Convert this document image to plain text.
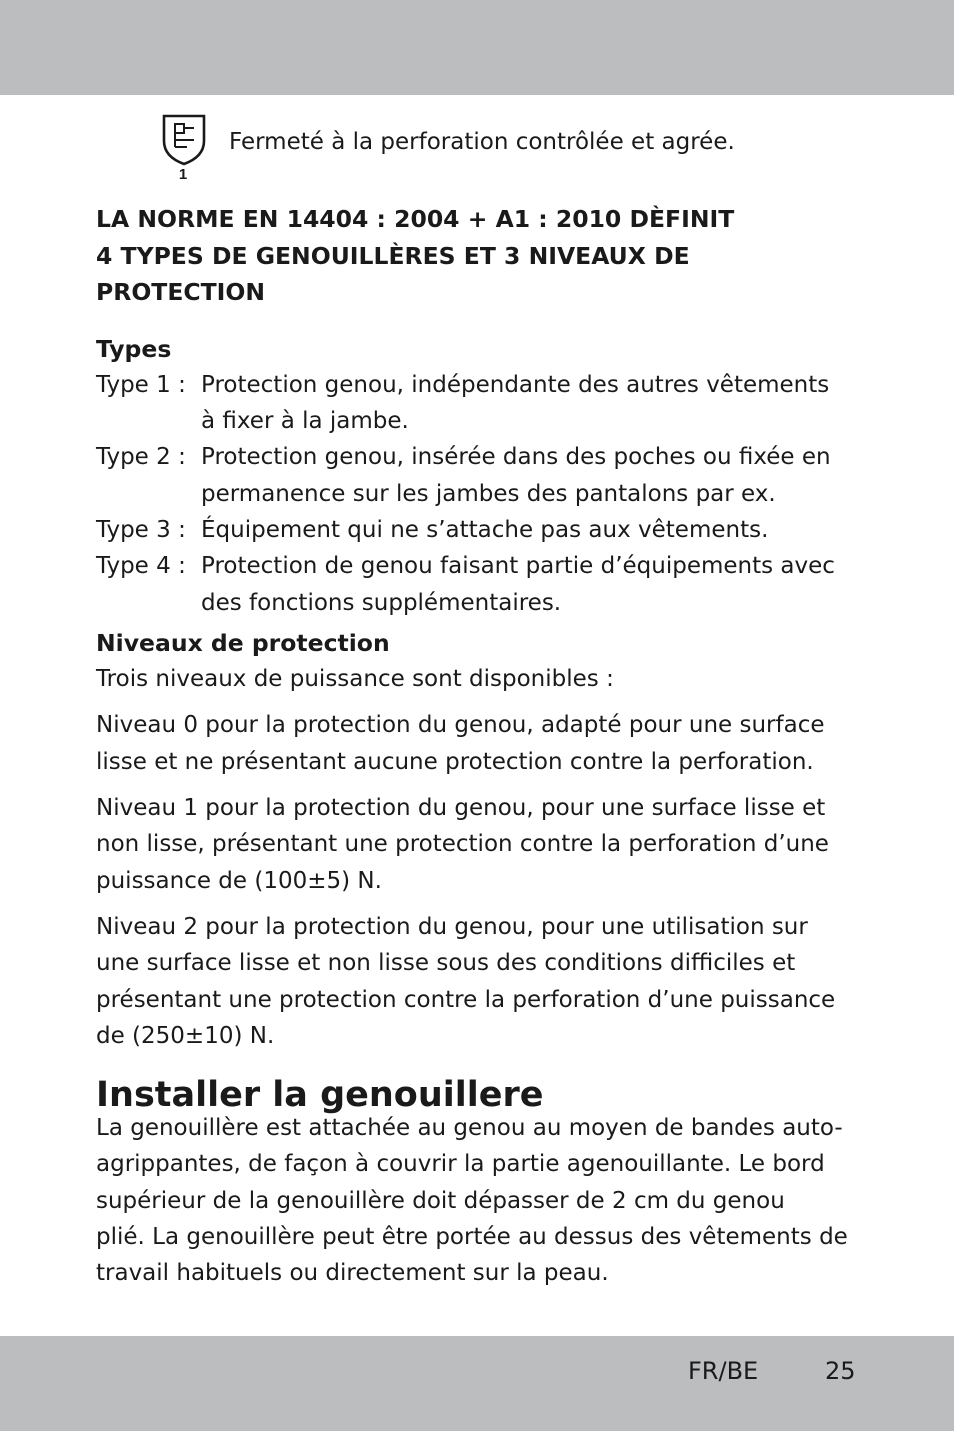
1
Fermeté à la perforation contrôlée et agrée.
LA NORME EN 14404 : 2004 + A1 : 2010 DÈFINIT
4 TYPES DE GENOUILLÈRES ET 3 NIVEAUX DE
PROTECTION
Types
Type 1 : Protection genou, indépendante des autres vêtements
à fixer à la jambe.
Type 2 : Protection genou, insérée dans des poches ou fixée en
permanence sur les jambes des pantalons par ex.
Type 3 : Équipement qui ne s’attache pas aux vêtements.
Type 4 : Protection de genou faisant partie d’équipements avec
des fonctions supplémentaires.
Niveaux de protection
Trois niveaux de puissance sont disponibles :
Niveau 0 pour la protection du genou, adapté pour une surface
lisse et ne présentant aucune protection contre la perforation.
Niveau 1 pour la protection du genou, pour une surface lisse et
non lisse, présentant une protection contre la perforation d’une
puissance de (100±5) N.
Niveau 2 pour la protection du genou, pour une utilisation sur
une surface lisse et non lisse sous des conditions difficiles et
présentant une protection contre la perforation d’une puissance
de (250±10) N.
Installer la genouillere
La genouillère est attachée au genou au moyen de bandes auto-
agrippantes, de façon à couvrir la partie agenouillante. Le bord
supérieur de la genouillère doit dépasser de 2 cm du genou
plié. La genouillère peut être portée au dessus des vêtements de
travail habituels ou directement sur la peau.
FR/BE	25
